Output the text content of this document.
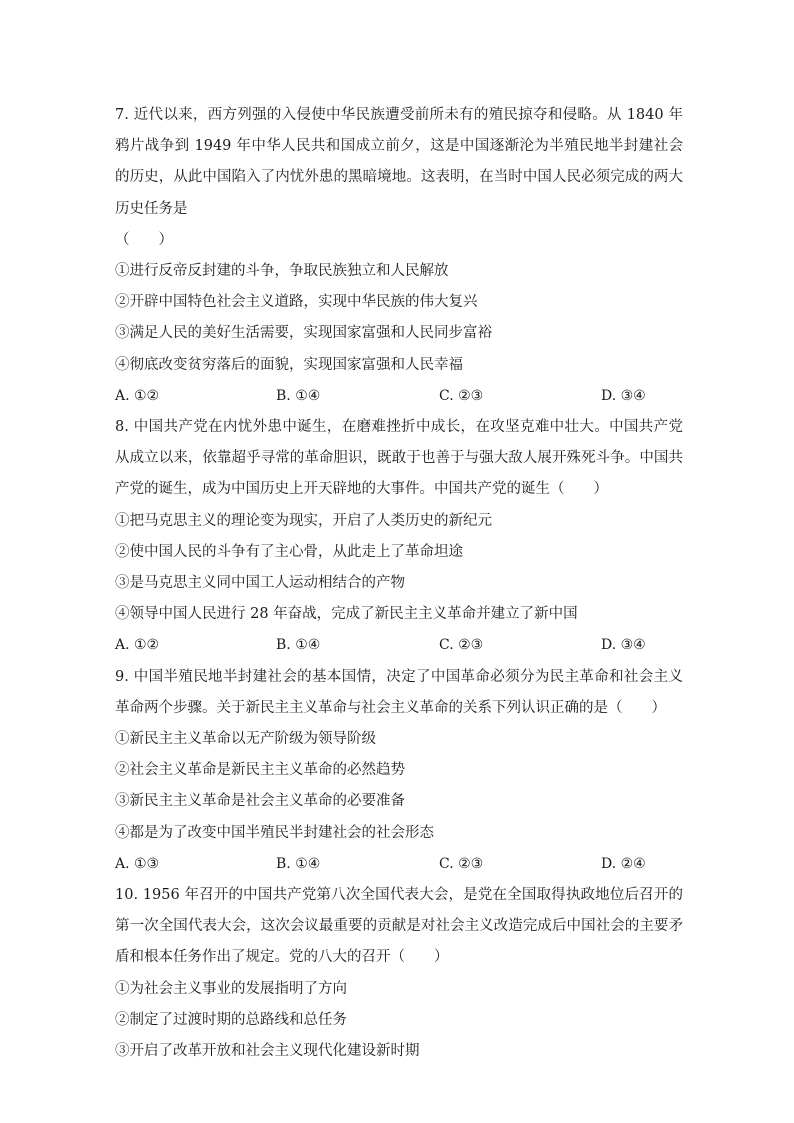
7. 近代以来，西方列强的入侵使中华民族遭受前所未有的殖民掠夺和侵略。从 1840 年鸦片战争到 1949 年中华人民共和国成立前夕，这是中国逐渐沦为半殖民地半封建社会的历史，从此中国陷入了内忧外患的黑暗境地。这表明，在当时中国人民必须完成的两大历史任务是
（　　）

①进行反帝反封建的斗争，争取民族独立和人民解放

②开辟中国特色社会主义道路，实现中华民族的伟大复兴

③满足人民的美好生活需要，实现国家富强和人民同步富裕

④彻底改变贫穷落后的面貌，实现国家富强和人民幸福

A. ①②	B. ①④	C. ②③	D. ③④

8. 中国共产党在内忧外患中诞生，在磨难挫折中成长，在攻坚克难中壮大。中国共产党从成立以来，依靠超乎寻常的革命胆识，既敢于也善于与强大敌人展开殊死斗争。中国共产党的诞生，成为中国历史上开天辟地的大事件。中国共产党的诞生（　　）

①把马克思主义的理论变为现实，开启了人类历史的新纪元

②使中国人民的斗争有了主心骨，从此走上了革命坦途

③是马克思主义同中国工人运动相结合的产物

④领导中国人民进行 28 年奋战，完成了新民主主义革命并建立了新中国

A. ①②	B. ①④	C. ②③	D. ③④

9. 中国半殖民地半封建社会的基本国情，决定了中国革命必须分为民主革命和社会主义革命两个步骤。关于新民主主义革命与社会主义革命的关系下列认识正确的是（　　）

①新民主主义革命以无产阶级为领导阶级

②社会主义革命是新民主主义革命的必然趋势

③新民主主义革命是社会主义革命的必要准备

④都是为了改变中国半殖民半封建社会的社会形态

A. ①③	B. ①④	C. ②③	D. ②④

10. 1956 年召开的中国共产党第八次全国代表大会，是党在全国取得执政地位后召开的第一次全国代表大会，这次会议最重要的贡献是对社会主义改造完成后中国社会的主要矛盾和根本任务作出了规定。党的八大的召开（　　）

①为社会主义事业的发展指明了方向

②制定了过渡时期的总路线和总任务

③开启了改革开放和社会主义现代化建设新时期
